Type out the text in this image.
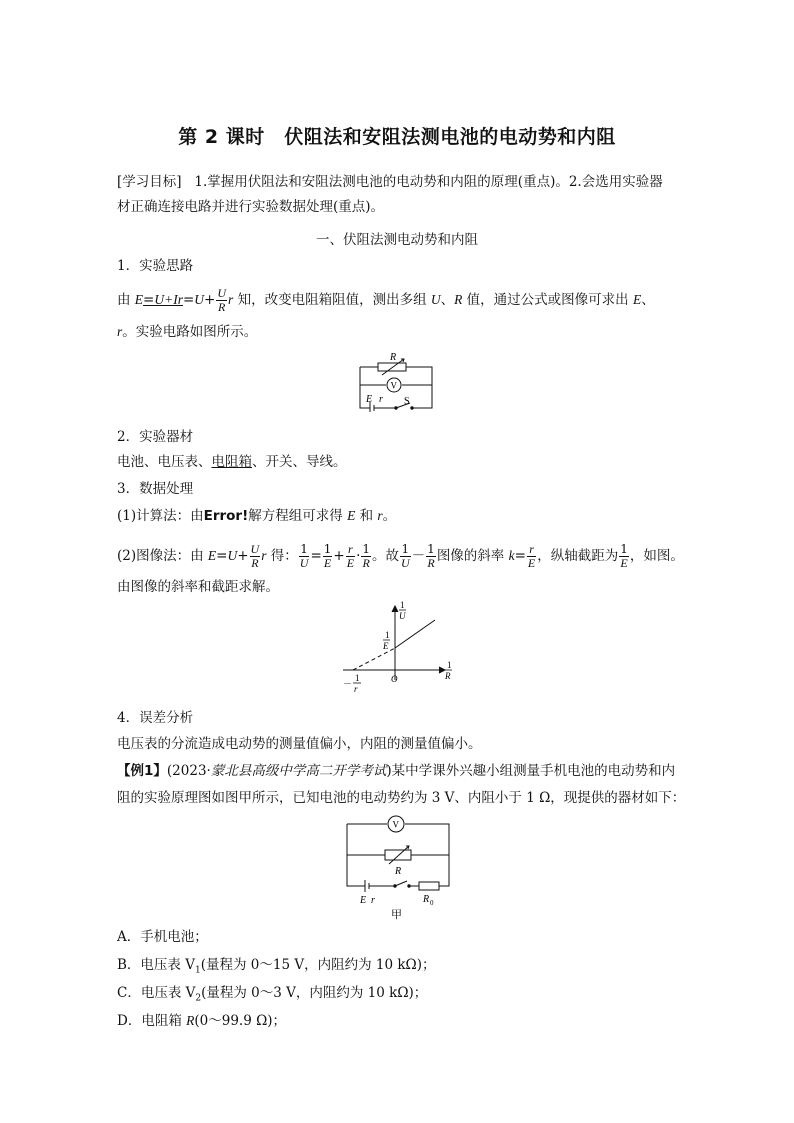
第 2 课时　伏阻法和安阻法测电池的电动势和内阻
[学习目标] 1.掌握用伏阻法和安阻法测电池的电动势和内阻的原理(重点)。2.会选用实验器
材正确连接电路并进行实验数据处理(重点)。
一、伏阻法测电动势和内阻
1．实验思路
由 $E=U+Ir=U+ \frac{U}{R}$ r 知，改变电阻箱阻值，测出多组 U、R 值，通过公式或图像可求出 E、
r。实验电路如图所示。
R
V
E r S
2．实验器材
电池、电压表、电阻箱、开关、导线。
3．数据处理
(1)计算法：由Error!解方程组可求得 E 和 r。
(2)图像法：由 $E=U+ \frac{U}{R}$ r 得： $\frac{1}{U} = \frac{1}{E} + \frac{r}{E} \cdot \frac{1}{R}$ 。故 $\frac{1}{U} - \frac{1}{R}$ 图像的斜率 $k= \frac{r}{E}$ ，纵轴截距为 $\frac{1}{E}$ ，如图。
由图像的斜率和截距求解。
1
U
1
R
1
E
－
1
r
O
4．误差分析
电压表的分流造成电动势的测量值偏小，内阻的测量值偏小。
【例1】(2023·蒙北县高级中学高二开学考试)某中学课外兴趣小组测量手机电池的电动势和内
阻的实验原理图如图甲所示，已知电池的电动势约为 3 V、内阻小于 1 Ω，现提供的器材如下：
V
R
E r	R 0
甲
A．手机电池；
B．电压表 $V_1$(量程为 0～15 V，内阻约为 10 kΩ)；
C．电压表 $V_2$(量程为 0～3 V，内阻约为 10 kΩ)；
D．电阻箱 R(0～99.9 Ω)；
